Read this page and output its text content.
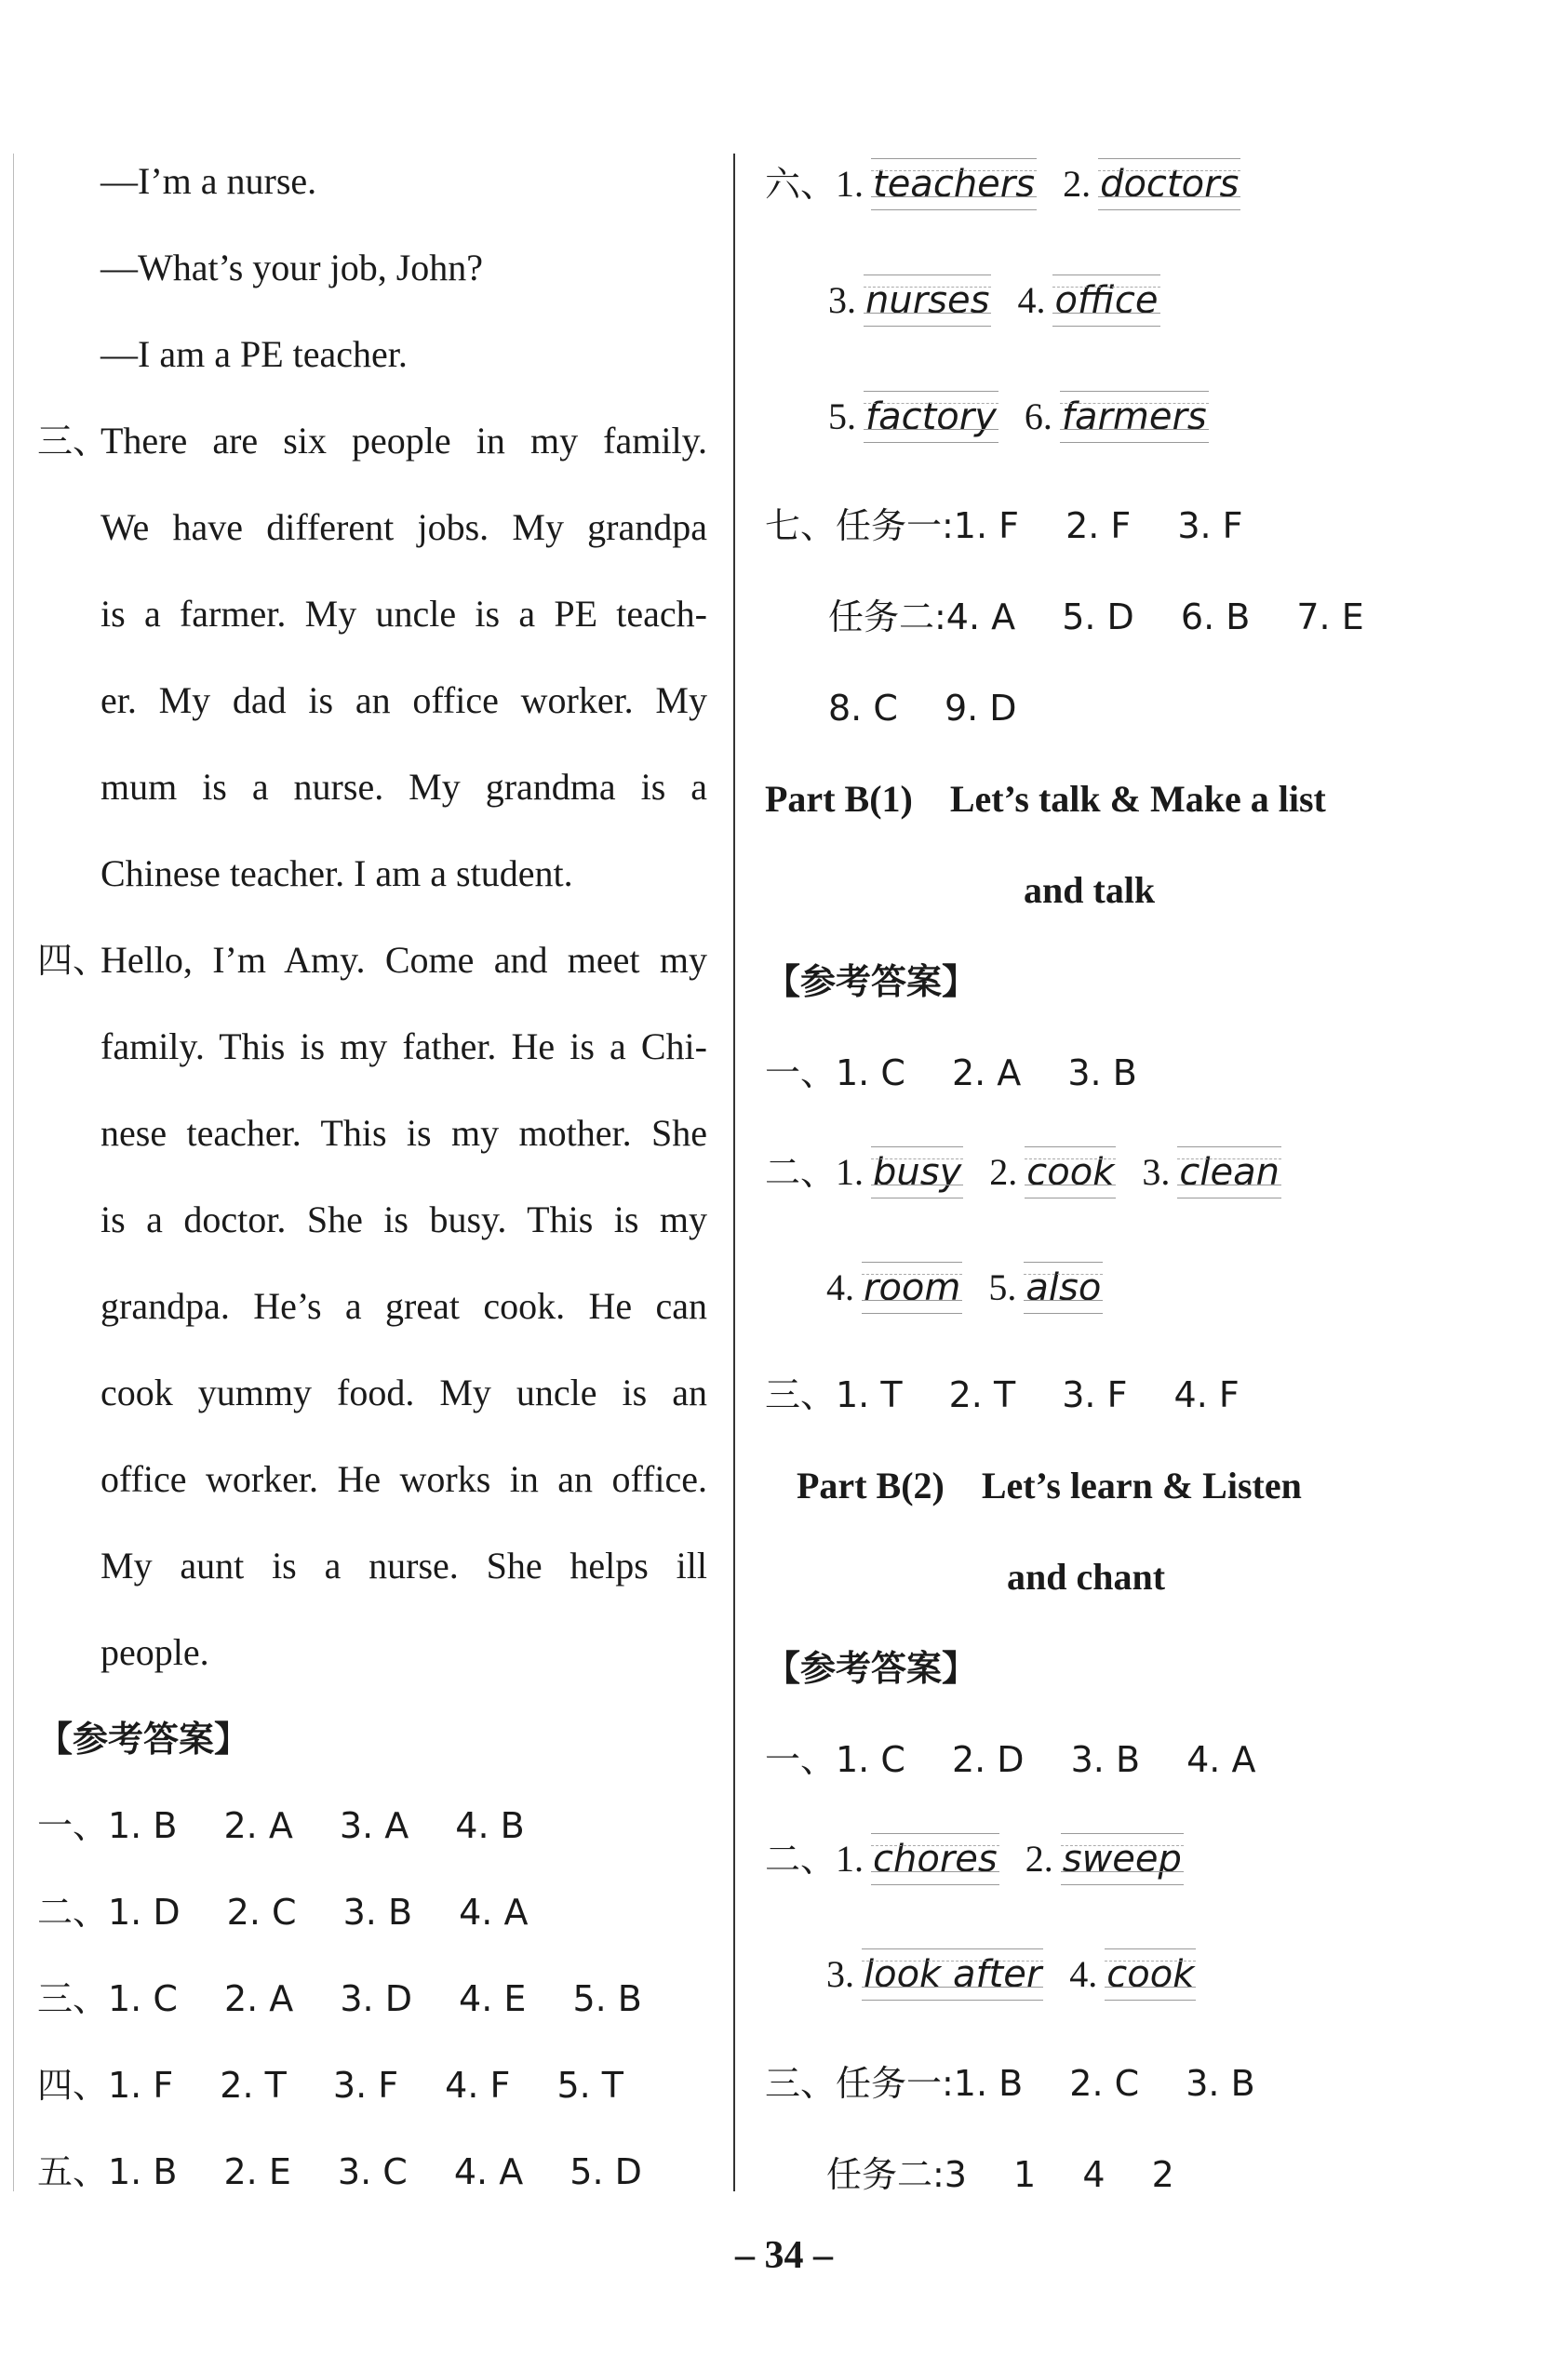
—I’m a nurse.
—What’s your job, John?
—I am a PE teacher.
三、
There are six people in my family.
We have different jobs. My grandpa
is a farmer. My uncle is a PE teach-
er. My dad is an office worker. My
mum is a nurse. My grandma is a
Chinese teacher. I am a student.
四、
Hello, I’m Amy. Come and meet my
family. This is my father. He is a Chi-
nese teacher. This is my mother. She
is a doctor. She is busy. This is my
grandpa. He’s a great cook. He can
cook yummy food. My uncle is an
office worker. He works in an office.
My aunt is a nurse. She helps ill
people.
【参考答案】
一、1. B　 2. A　 3. A　 4. B
二、1. D　 2. C　 3. B　 4. A
三、1. C　 2. A　 3. D　 4. E　 5. B
四、1. F　 2. T　 3. F　 4. F　 5. T
五、1. B　 2. E　 3. C　 4. A　 5. D
六、1. teachers 2. doctors
3. nurses 4. office
5. factory 6. farmers
七、任务一:1. F　 2. F　 3. F
任务二:4. A　 5. D　 6. B　 7. E
8. C　 9. D
Part B(1)　Let’s talk & Make a list
and talk
【参考答案】
一、1. C　 2. A　 3. B
二、1. busy 2. cook 3. clean
4. room 5. also
三、1. T　 2. T　 3. F　 4. F
Part B(2)　Let’s learn & Listen
and chant
【参考答案】
一、1. C　 2. D　 3. B　 4. A
二、1. chores 2. sweep
3. look after 4. cook
三、任务一:1. B　 2. C　 3. B
任务二:3　 1　 4　 2
– 34 –
